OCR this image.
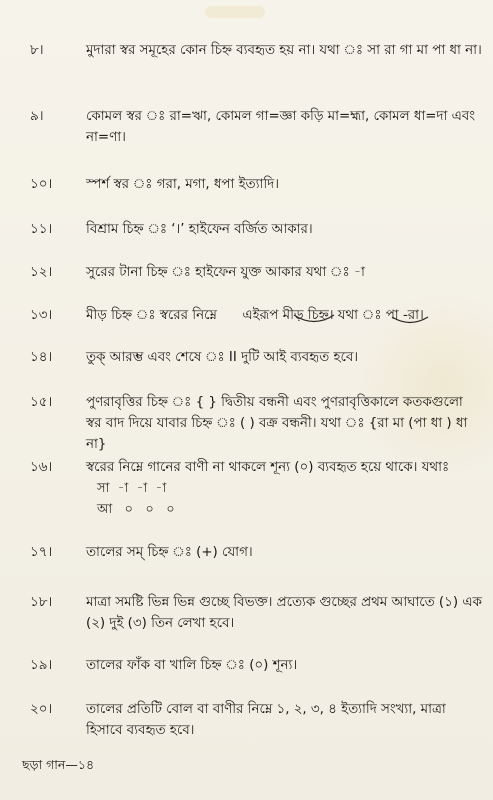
৮।	মুদারা স্বর সমূহের কোন চিহ্ন ব্যবহৃত হয় না। যথা ঃ সা রা গা মা পা ধা না।
৯।	কোমল স্বর ঃ রা=ঋা, কোমল গা=জ্ঞা কড়ি মা=হ্মা, কোমল ধা=দা এবং না=ণা।
১০।	স্পর্শ স্বর ঃ গরা, মগা, ধপা ইত্যাদি।
১১।	বিশ্রাম চিহ্ন ঃ ‘।’ হাইফেন বর্জিত আকার।
১২।	সুরের টানা চিহ্ন ঃ হাইফেন যুক্ত আকার যথা ঃ -া
১৩।	মীড় চিহ্ন ঃ স্বরের নিম্নে      এইরূপ মীড় চিহ্ন। যথা ঃ পা -রা।
১৪।	তুক্ আরম্ভ এবং শেষে ঃ II দুটি আই ব্যবহৃত হবে।
১৫।	পুণরাবৃত্তির চিহ্ন ঃ { } দ্বিতীয় বন্ধনী এবং পুণরাবৃত্তিকালে কতকগুলো স্বর বাদ দিয়ে যাবার চিহ্ন ঃ ( ) বক্র বন্ধনী। যথা ঃ {রা মা (পা ধা ) ধা না}
১৬।	স্বরের নিম্নে গানের বাণী না থাকলে শূন্য (০) ব্যবহৃত হয়ে থাকে। যথাঃ
সা  -া  -া  -া
আ   ০   ০   ০
১৭।	তালের সম্ চিহ্ন ঃ (+) যোগ।
১৮।	মাত্রা সমষ্টি ভিন্ন ভিন্ন গুচ্ছে বিভক্ত। প্রত্যেক গুচ্ছের প্রথম আঘাতে (১) এক (২) দুই (৩) তিন লেখা হবে।
১৯।	তালের ফাঁক বা খালি চিহ্ন ঃ (০) শূন্য।
২০।	তালের প্রতিটি বোল বা বাণীর নিম্নে ১, ২, ৩, ৪ ইত্যাদি সংখ্যা, মাত্রা হিসাবে ব্যবহৃত হবে।
ছড়া গান—১৪
